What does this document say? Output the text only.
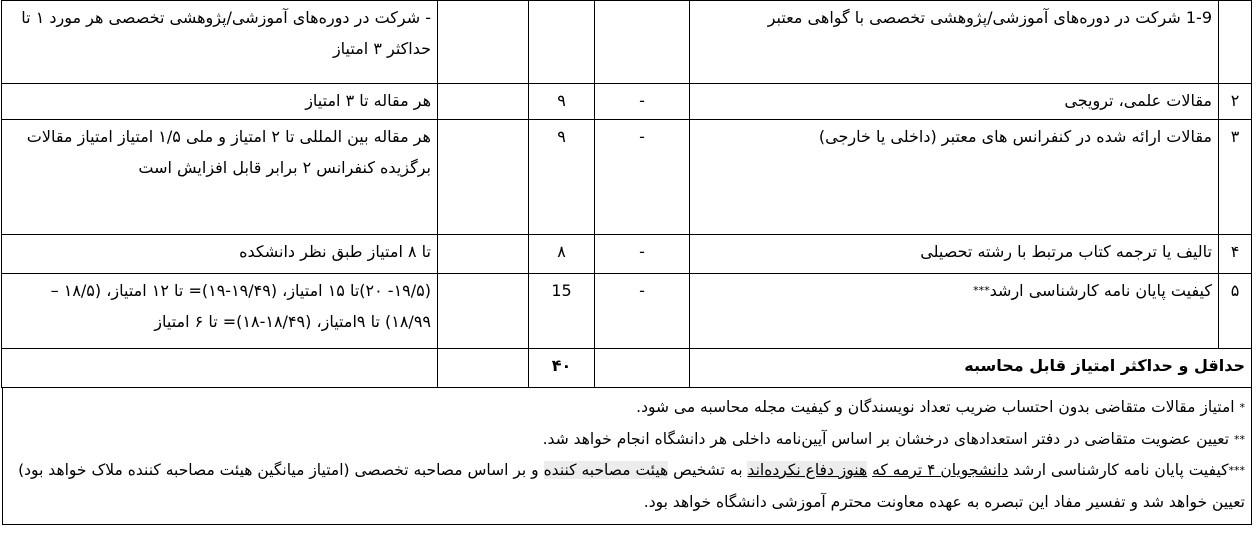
	1-9 شرکت در دوره‌های آموزشی/پژوهشی تخصصی با گواهی معتبر				- شرکت در دوره‌های آموزشی/پژوهشی تخصصی هر مورد ۱ تا حداکثر ۳ امتیاز
۲	مقالات علمی، ترویجی	-	۹		هر مقاله تا ۳ امتیاز
۳	مقالات ارائه شده در کنفرانس های معتبر (داخلی یا خارجی)	-	۹		هر مقاله بین المللی تا ۲ امتیاز و ملی ۱/۵ امتیاز امتیاز مقالات برگزیده کنفرانس ۲ برابر قابل افزایش است
۴	تالیف یا ترجمه کتاب مرتبط با رشته تحصیلی	-	۸		تا ۸ امتیاز طبق نظر دانشکده
۵	کیفیت پایان نامه کارشناسی ارشد***	-	15		(۱۹/۵- ۲۰)تا ۱۵ امتیاز، (۱۹/۴۹-۱۹)= تا ۱۲ امتیاز، (۱۸/۵ – ۱۸/۹۹) تا ۹امتیاز، (۱۸/۴۹-۱۸)= تا ۶ امتیاز
حداقل و حداکثر امتیاز قابل محاسبه			۴۰		

* امتیاز مقالات متقاضی بدون احتساب ضریب تعداد نویسندگان و کیفیت مجله محاسبه می شود.

** تعیین عضویت متقاضی در دفتر استعدادهای درخشان بر اساس آیین‌نامه داخلی هر دانشگاه انجام خواهد شد.

***کیفیت پایان نامه کارشناسی ارشد دانشجویان ۴ ترمه که هنوز دفاع نکرده‌اند به تشخیص هیئت مصاحبه کننده و بر اساس مصاحبه تخصصی (امتیاز میانگین هیئت مصاحبه کننده ملاک خواهد بود) تعیین خواهد شد و تفسیر مفاد این تبصره به عهده معاونت محترم آموزشی دانشگاه خواهد بود.
